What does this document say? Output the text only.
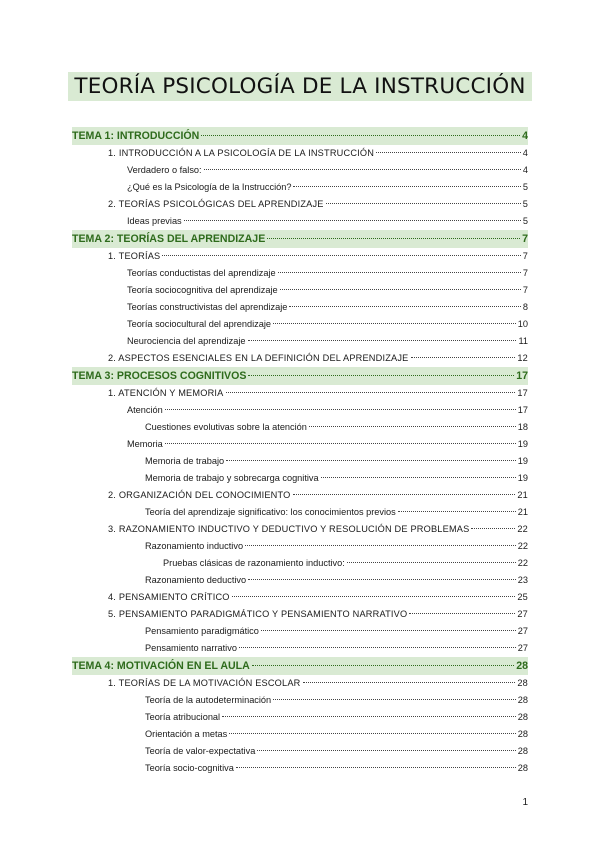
TEORÍA PSICOLOGÍA DE LA INSTRUCCIÓN
TEMA 1: INTRODUCCIÓN	4
1. INTRODUCCIÓN A LA PSICOLOGÍA DE LA INSTRUCCIÓN	4
Verdadero o falso:	4
¿Qué es la Psicología de la Instrucción?	5
2. TEORÍAS PSICOLÓGICAS DEL APRENDIZAJE	5
Ideas previas	5
TEMA 2: TEORÍAS DEL APRENDIZAJE	7
1. TEORÍAS	7
Teorías conductistas del aprendizaje	7
Teoría sociocognitiva del aprendizaje	7
Teorías constructivistas del aprendizaje	8
Teoría sociocultural del aprendizaje	10
Neurociencia del aprendizaje	11
2. ASPECTOS ESENCIALES EN LA DEFINICIÓN DEL APRENDIZAJE	12
TEMA 3: PROCESOS COGNITIVOS	17
1. ATENCIÓN Y MEMORIA	17
Atención	17
Cuestiones evolutivas sobre la atención	18
Memoria	19
Memoria de trabajo	19
Memoria de trabajo y sobrecarga cognitiva	19
2. ORGANIZACIÓN DEL CONOCIMIENTO	21
Teoría del aprendizaje significativo: los conocimientos previos	21
3. RAZONAMIENTO INDUCTIVO Y DEDUCTIVO Y RESOLUCIÓN DE PROBLEMAS	22
Razonamiento inductivo	22
Pruebas clásicas de razonamiento inductivo:	22
Razonamiento deductivo	23
4. PENSAMIENTO CRÍTICO	25
5. PENSAMIENTO PARADIGMÁTICO Y PENSAMIENTO NARRATIVO	27
Pensamiento paradigmático	27
Pensamiento narrativo	27
TEMA 4: MOTIVACIÓN EN EL AULA	28
1. TEORÍAS DE LA MOTIVACIÓN ESCOLAR	28
Teoría de la autodeterminación	28
Teoría atribucional	28
Orientación a metas	28
Teoría de valor-expectativa	28
Teoría socio-cognitiva	28
1
